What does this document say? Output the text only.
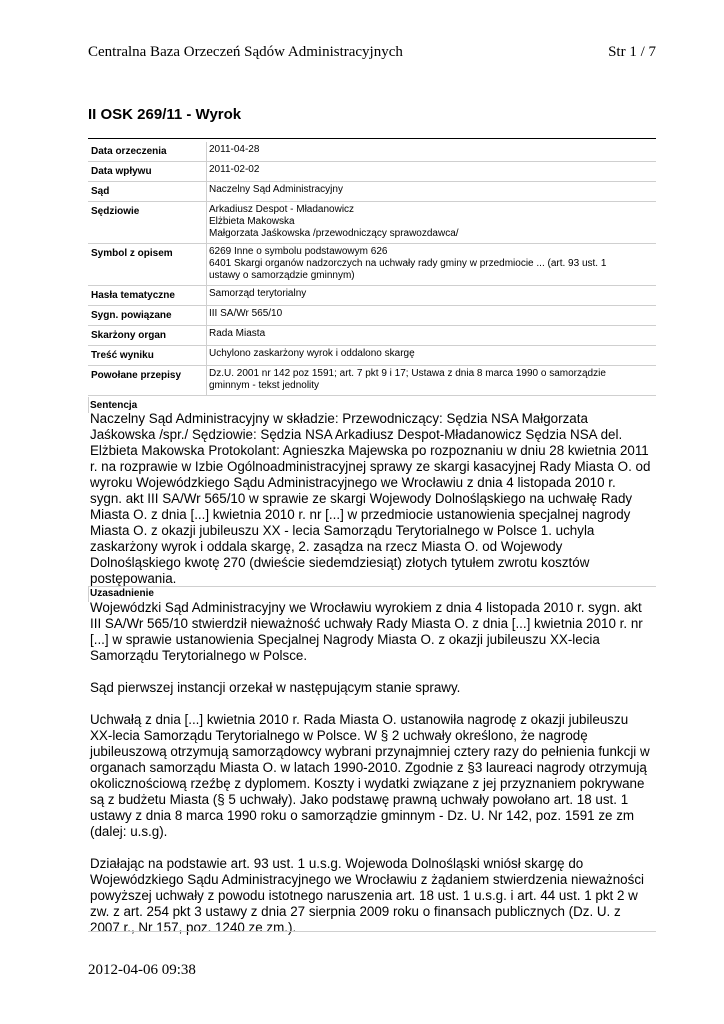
Centralna Baza Orzeczeń Sądów Administracyjnych	Str 1 / 7
II OSK 269/11 - Wyrok
Data orzeczenia	2011-04-28

Data wpływu	2011-02-02

Sąd	Naczelny Sąd Administracyjny

Sędziowie	Arkadiusz Despot - Mładanowicz
Elżbieta Makowska
Małgorzata Jaśkowska /przewodniczący sprawozdawca/

Symbol z opisem	6269 Inne o symbolu podstawowym 626
6401 Skargi organów nadzorczych na uchwały rady gminy w przedmiocie ... (art. 93 ust. 1
ustawy o samorządzie gminnym)

Hasła tematyczne	Samorząd terytorialny

Sygn. powiązane	III SA/Wr 565/10

Skarżony organ	Rada Miasta

Treść wyniku	Uchylono zaskarżony wyrok i oddalono skargę

Powołane przepisy	Dz.U. 2001 nr 142 poz 1591; art. 7 pkt 9 i 17; Ustawa z dnia 8 marca 1990 o samorządzie
gminnym - tekst jednolity
Sentencja
Naczelny Sąd Administracyjny w składzie: Przewodniczący: Sędzia NSA Małgorzata
Jaśkowska /spr./ Sędziowie: Sędzia NSA Arkadiusz Despot-Mładanowicz Sędzia NSA del.
Elżbieta Makowska Protokolant: Agnieszka Majewska po rozpoznaniu w dniu 28 kwietnia 2011
r. na rozprawie w Izbie Ogólnoadministracyjnej sprawy ze skargi kasacyjnej Rady Miasta O. od
wyroku Wojewódzkiego Sądu Administracyjnego we Wrocławiu z dnia 4 listopada 2010 r.
sygn. akt III SA/Wr 565/10 w sprawie ze skargi Wojewody Dolnośląskiego na uchwałę Rady
Miasta O. z dnia [...] kwietnia 2010 r. nr [...] w przedmiocie ustanowienia specjalnej nagrody
Miasta O. z okazji jubileuszu XX - lecia Samorządu Terytorialnego w Polsce 1. uchyla
zaskarżony wyrok i oddala skargę, 2. zasądza na rzecz Miasta O. od Wojewody
Dolnośląskiego kwotę 270 (dwieście siedemdziesiąt) złotych tytułem zwrotu kosztów
postępowania.
Uzasadnienie
Wojewódzki Sąd Administracyjny we Wrocławiu wyrokiem z dnia 4 listopada 2010 r. sygn. akt
III SA/Wr 565/10 stwierdził nieważność uchwały Rady Miasta O. z dnia [...] kwietnia 2010 r. nr
[...] w sprawie ustanowienia Specjalnej Nagrody Miasta O. z okazji jubileuszu XX-lecia
Samorządu Terytorialnego w Polsce.
Sąd pierwszej instancji orzekał w następującym stanie sprawy.
Uchwałą z dnia [...] kwietnia 2010 r. Rada Miasta O. ustanowiła nagrodę z okazji jubileuszu
XX-lecia Samorządu Terytorialnego w Polsce. W § 2 uchwały określono, że nagrodę
jubileuszową otrzymują samorządowcy wybrani przynajmniej cztery razy do pełnienia funkcji w
organach samorządu Miasta O. w latach 1990-2010. Zgodnie z §3 laureaci nagrody otrzymują
okolicznościową rzeźbę z dyplomem. Koszty i wydatki związane z jej przyznaniem pokrywane
są z budżetu Miasta (§ 5 uchwały). Jako podstawę prawną uchwały powołano art. 18 ust. 1
ustawy z dnia 8 marca 1990 roku o samorządzie gminnym - Dz. U. Nr 142, poz. 1591 ze zm
(dalej: u.s.g).
Działając na podstawie art. 93 ust. 1 u.s.g. Wojewoda Dolnośląski wniósł skargę do
Wojewódzkiego Sądu Administracyjnego we Wrocławiu z żądaniem stwierdzenia nieważności
powyższej uchwały z powodu istotnego naruszenia art. 18 ust. 1 u.s.g. i art. 44 ust. 1 pkt 2 w
zw. z art. 254 pkt 3 ustawy z dnia 27 sierpnia 2009 roku o finansach publicznych (Dz. U. z
2007 r., Nr 157, poz. 1240 ze zm.).
2012-04-06 09:38
